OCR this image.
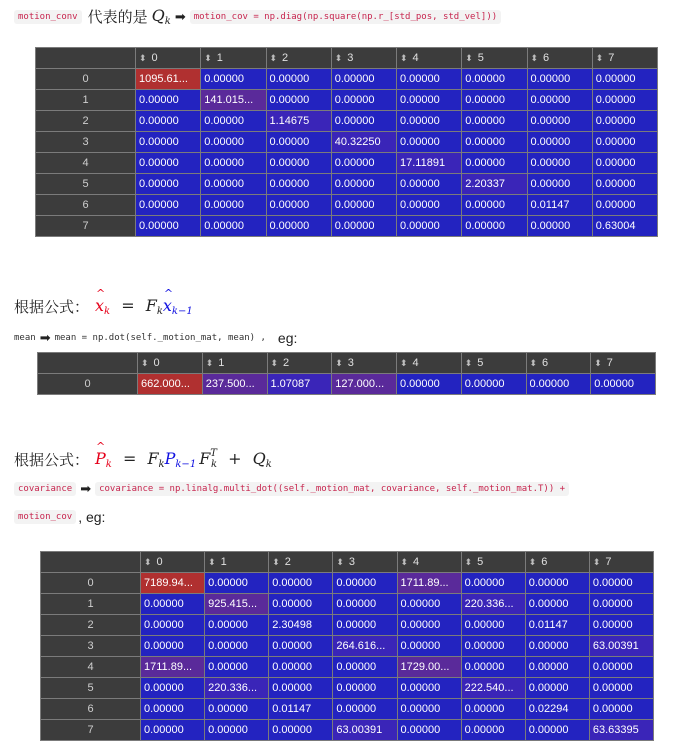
motion_conv 代表的是 $Q_k$ ➡ motion_cov = np.diag(np.square(np.r_[std_pos, std_vel]))
	⬍ 0	⬍ 1	⬍ 2	⬍ 3	⬍ 4	⬍ 5	⬍ 6	⬍ 7
0	1095.61...	0.00000	0.00000	0.00000	0.00000	0.00000	0.00000	0.00000
1	0.00000	141.015...	0.00000	0.00000	0.00000	0.00000	0.00000	0.00000
2	0.00000	0.00000	1.14675	0.00000	0.00000	0.00000	0.00000	0.00000
3	0.00000	0.00000	0.00000	40.32250	0.00000	0.00000	0.00000	0.00000
4	0.00000	0.00000	0.00000	0.00000	17.11891	0.00000	0.00000	0.00000
5	0.00000	0.00000	0.00000	0.00000	0.00000	2.20337	0.00000	0.00000
6	0.00000	0.00000	0.00000	0.00000	0.00000	0.00000	0.01147	0.00000
7	0.00000	0.00000	0.00000	0.00000	0.00000	0.00000	0.00000	0.63004
根据公式： ^ $x_k$ = $F_k\^{}$ $x_{k-1}$
mean ➡ mean = np.dot(self._motion_mat, mean) , eg:
	⬍ 0	⬍ 1	⬍ 2	⬍ 3	⬍ 4	⬍ 5	⬍ 6	⬍ 7
0	662.000...	237.500...	1.07087	127.000...	0.00000	0.00000	0.00000	0.00000
根据公式： ^ $P_k = F_kP_{k-1}$ $F^T_k + Q_k$
covariance ➡ covariance = np.linalg.multi_dot((self._motion_mat, covariance, self._motion_mat.T)) +
motion_cov , eg:
	⬍ 0	⬍ 1	⬍ 2	⬍ 3	⬍ 4	⬍ 5	⬍ 6	⬍ 7
0	7189.94...	0.00000	0.00000	0.00000	1711.89...	0.00000	0.00000	0.00000
1	0.00000	925.415...	0.00000	0.00000	0.00000	220.336...	0.00000	0.00000
2	0.00000	0.00000	2.30498	0.00000	0.00000	0.00000	0.01147	0.00000
3	0.00000	0.00000	0.00000	264.616...	0.00000	0.00000	0.00000	63.00391
4	1711.89...	0.00000	0.00000	0.00000	1729.00...	0.00000	0.00000	0.00000
5	0.00000	220.336...	0.00000	0.00000	0.00000	222.540...	0.00000	0.00000
6	0.00000	0.00000	0.01147	0.00000	0.00000	0.00000	0.02294	0.00000
7	0.00000	0.00000	0.00000	63.00391	0.00000	0.00000	0.00000	63.63395
